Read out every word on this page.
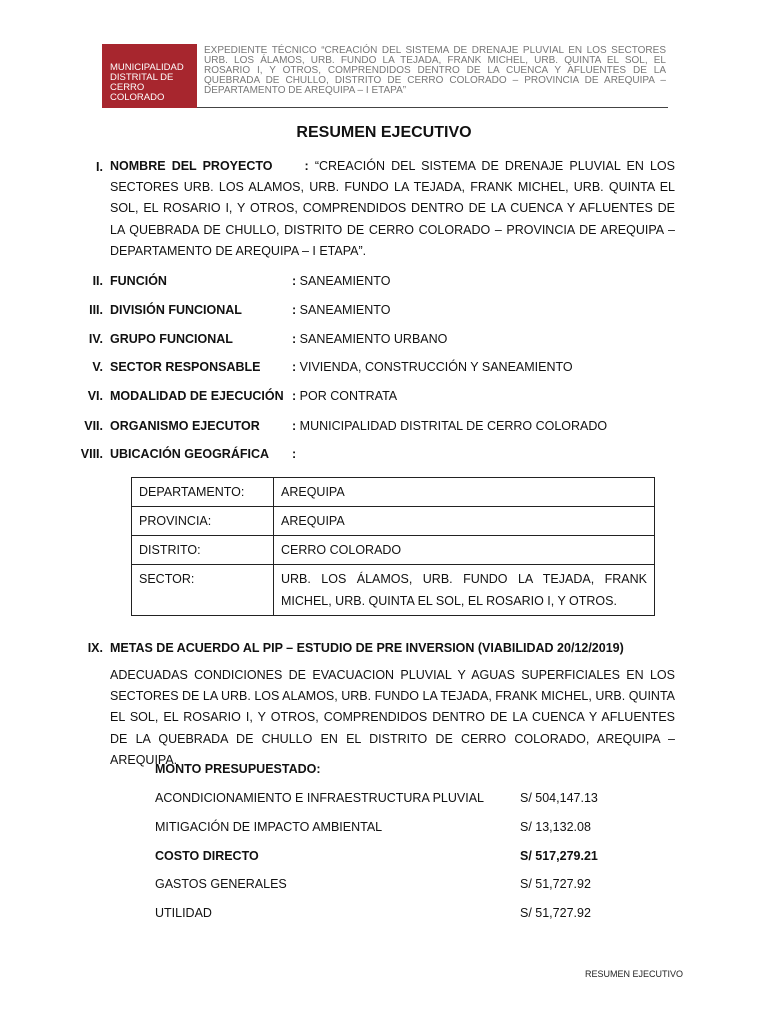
MUNICIPALIDAD
DISTRITAL DE
CERRO
COLORADO
EXPEDIENTE TÉCNICO “CREACIÓN DEL SISTEMA DE DRENAJE PLUVIAL EN LOS SECTORES URB. LOS ÁLAMOS, URB. FUNDO LA TEJADA, FRANK MICHEL, URB. QUINTA EL SOL, EL ROSARIO I, Y OTROS, COMPRENDIDOS DENTRO DE LA CUENCA Y AFLUENTES DE LA QUEBRADA DE CHULLO, DISTRITO DE CERRO COLORADO – PROVINCIA DE AREQUIPA – DEPARTAMENTO DE AREQUIPA – I ETAPA”
RESUMEN EJECUTIVO
I. NOMBRE DEL PROYECTO	: “CREACIÓN DEL SISTEMA DE DRENAJE PLUVIAL EN LOS SECTORES URB. LOS ALAMOS, URB. FUNDO LA TEJADA, FRANK MICHEL, URB. QUINTA EL SOL, EL ROSARIO I, Y OTROS, COMPRENDIDOS DENTRO DE LA CUENCA Y AFLUENTES DE LA QUEBRADA DE CHULLO, DISTRITO DE CERRO COLORADO – PROVINCIA DE AREQUIPA – DEPARTAMENTO DE AREQUIPA – I ETAPA”.
II. FUNCIÓN	: SANEAMIENTO
III. DIVISIÓN FUNCIONAL	: SANEAMIENTO
IV. GRUPO FUNCIONAL	: SANEAMIENTO URBANO
V. SECTOR RESPONSABLE	: VIVIENDA, CONSTRUCCIÓN Y SANEAMIENTO
VI. MODALIDAD DE EJECUCIÓN : POR CONTRATA
VII. ORGANISMO EJECUTOR	: MUNICIPALIDAD DISTRITAL DE CERRO COLORADO
VIII. UBICACIÓN GEOGRÁFICA :
DEPARTAMENTO:	AREQUIPA
PROVINCIA:	AREQUIPA
DISTRITO:	CERRO COLORADO
SECTOR:	URB. LOS ÁLAMOS, URB. FUNDO LA TEJADA, FRANK MICHEL, URB. QUINTA EL SOL, EL ROSARIO I, Y OTROS.
IX. METAS DE ACUERDO AL PIP – ESTUDIO DE PRE INVERSION (VIABILIDAD 20/12/2019)
ADECUADAS CONDICIONES DE EVACUACION PLUVIAL Y AGUAS SUPERFICIALES EN LOS SECTORES DE LA URB. LOS ALAMOS, URB. FUNDO LA TEJADA, FRANK MICHEL, URB. QUINTA EL SOL, EL ROSARIO I, Y OTROS, COMPRENDIDOS DENTRO DE LA CUENCA Y AFLUENTES DE LA QUEBRADA DE CHULLO EN EL DISTRITO DE CERRO COLORADO, AREQUIPA – AREQUIPA.
MONTO PRESUPUESTADO:
ACONDICIONAMIENTO E INFRAESTRUCTURA PLUVIAL	S/ 504,147.13
MITIGACIÓN DE IMPACTO AMBIENTAL	S/ 13,132.08
COSTO DIRECTO	S/ 517,279.21
GASTOS GENERALES	S/ 51,727.92
UTILIDAD	S/ 51,727.92
RESUMEN EJECUTIVO
